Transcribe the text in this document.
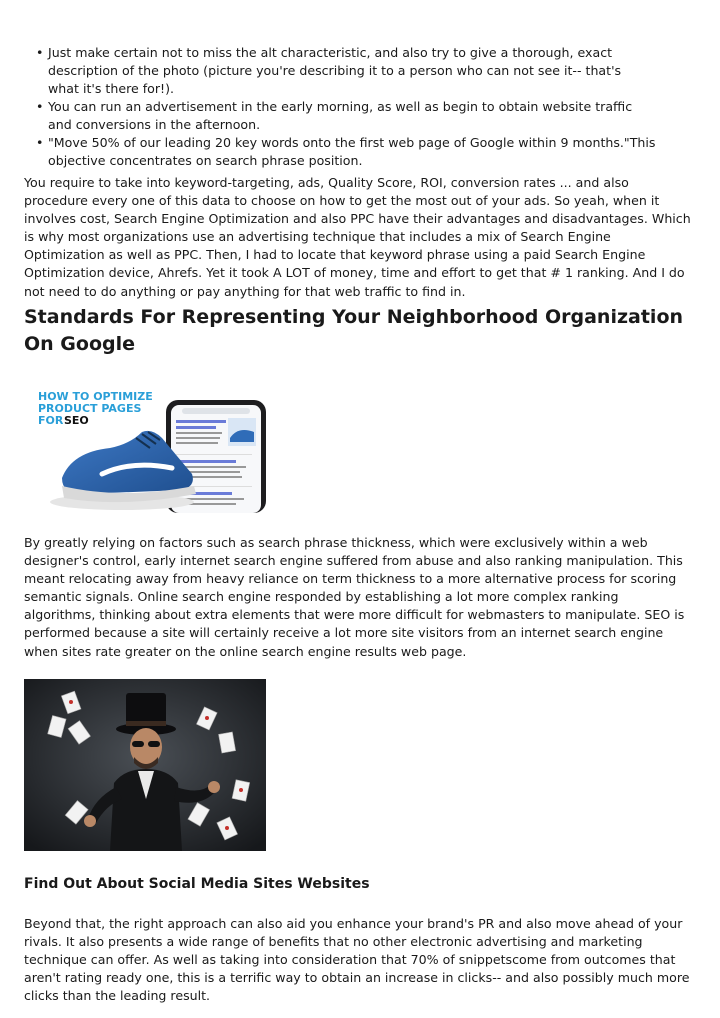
• Just make certain not to miss the alt characteristic, and also try to give a thorough, exact description of the photo (picture you're describing it to a person who can not see it-- that's what it's there for!).
• You can run an advertisement in the early morning, as well as begin to obtain website traffic and conversions in the afternoon.
• "Move 50% of our leading 20 key words onto the first web page of Google within 9 months."This objective concentrates on search phrase position.

You require to take into keyword-targeting, ads, Quality Score, ROI, conversion rates ... and also procedure every one of this data to choose on how to get the most out of your ads. So yeah, when it involves cost, Search Engine Optimization and also PPC have their advantages and disadvantages. Which is why most organizations use an advertising technique that includes a mix of Search Engine Optimization as well as PPC. Then, I had to locate that keyword phrase using a paid Search Engine Optimization device, Ahrefs. Yet it took A LOT of money, time and effort to get that # 1 ranking. And I do not need to do anything or pay anything for that web traffic to find in.

Standards For Representing Your Neighborhood Organization On Google
HOW TO OPTIMIZE
PRODUCT PAGES
FOR SEO

By greatly relying on factors such as search phrase thickness, which were exclusively within a web designer's control, early internet search engine suffered from abuse and also ranking manipulation. This meant relocating away from heavy reliance on term thickness to a more alternative process for scoring semantic signals. Online search engine responded by establishing a lot more complex ranking algorithms, thinking about extra elements that were more difficult for webmasters to manipulate. SEO is performed because a site will certainly receive a lot more site visitors from an internet search engine when sites rate greater on the online search engine results web page.

Find Out About Social Media Sites Websites

Beyond that, the right approach can also aid you enhance your brand's PR and also move ahead of your rivals. It also presents a wide range of benefits that no other electronic advertising and marketing technique can offer. As well as taking into consideration that 70% of snippetscome from outcomes that aren't rating ready one, this is a terrific way to obtain an increase in clicks-- and also possibly much more clicks than the leading result.
